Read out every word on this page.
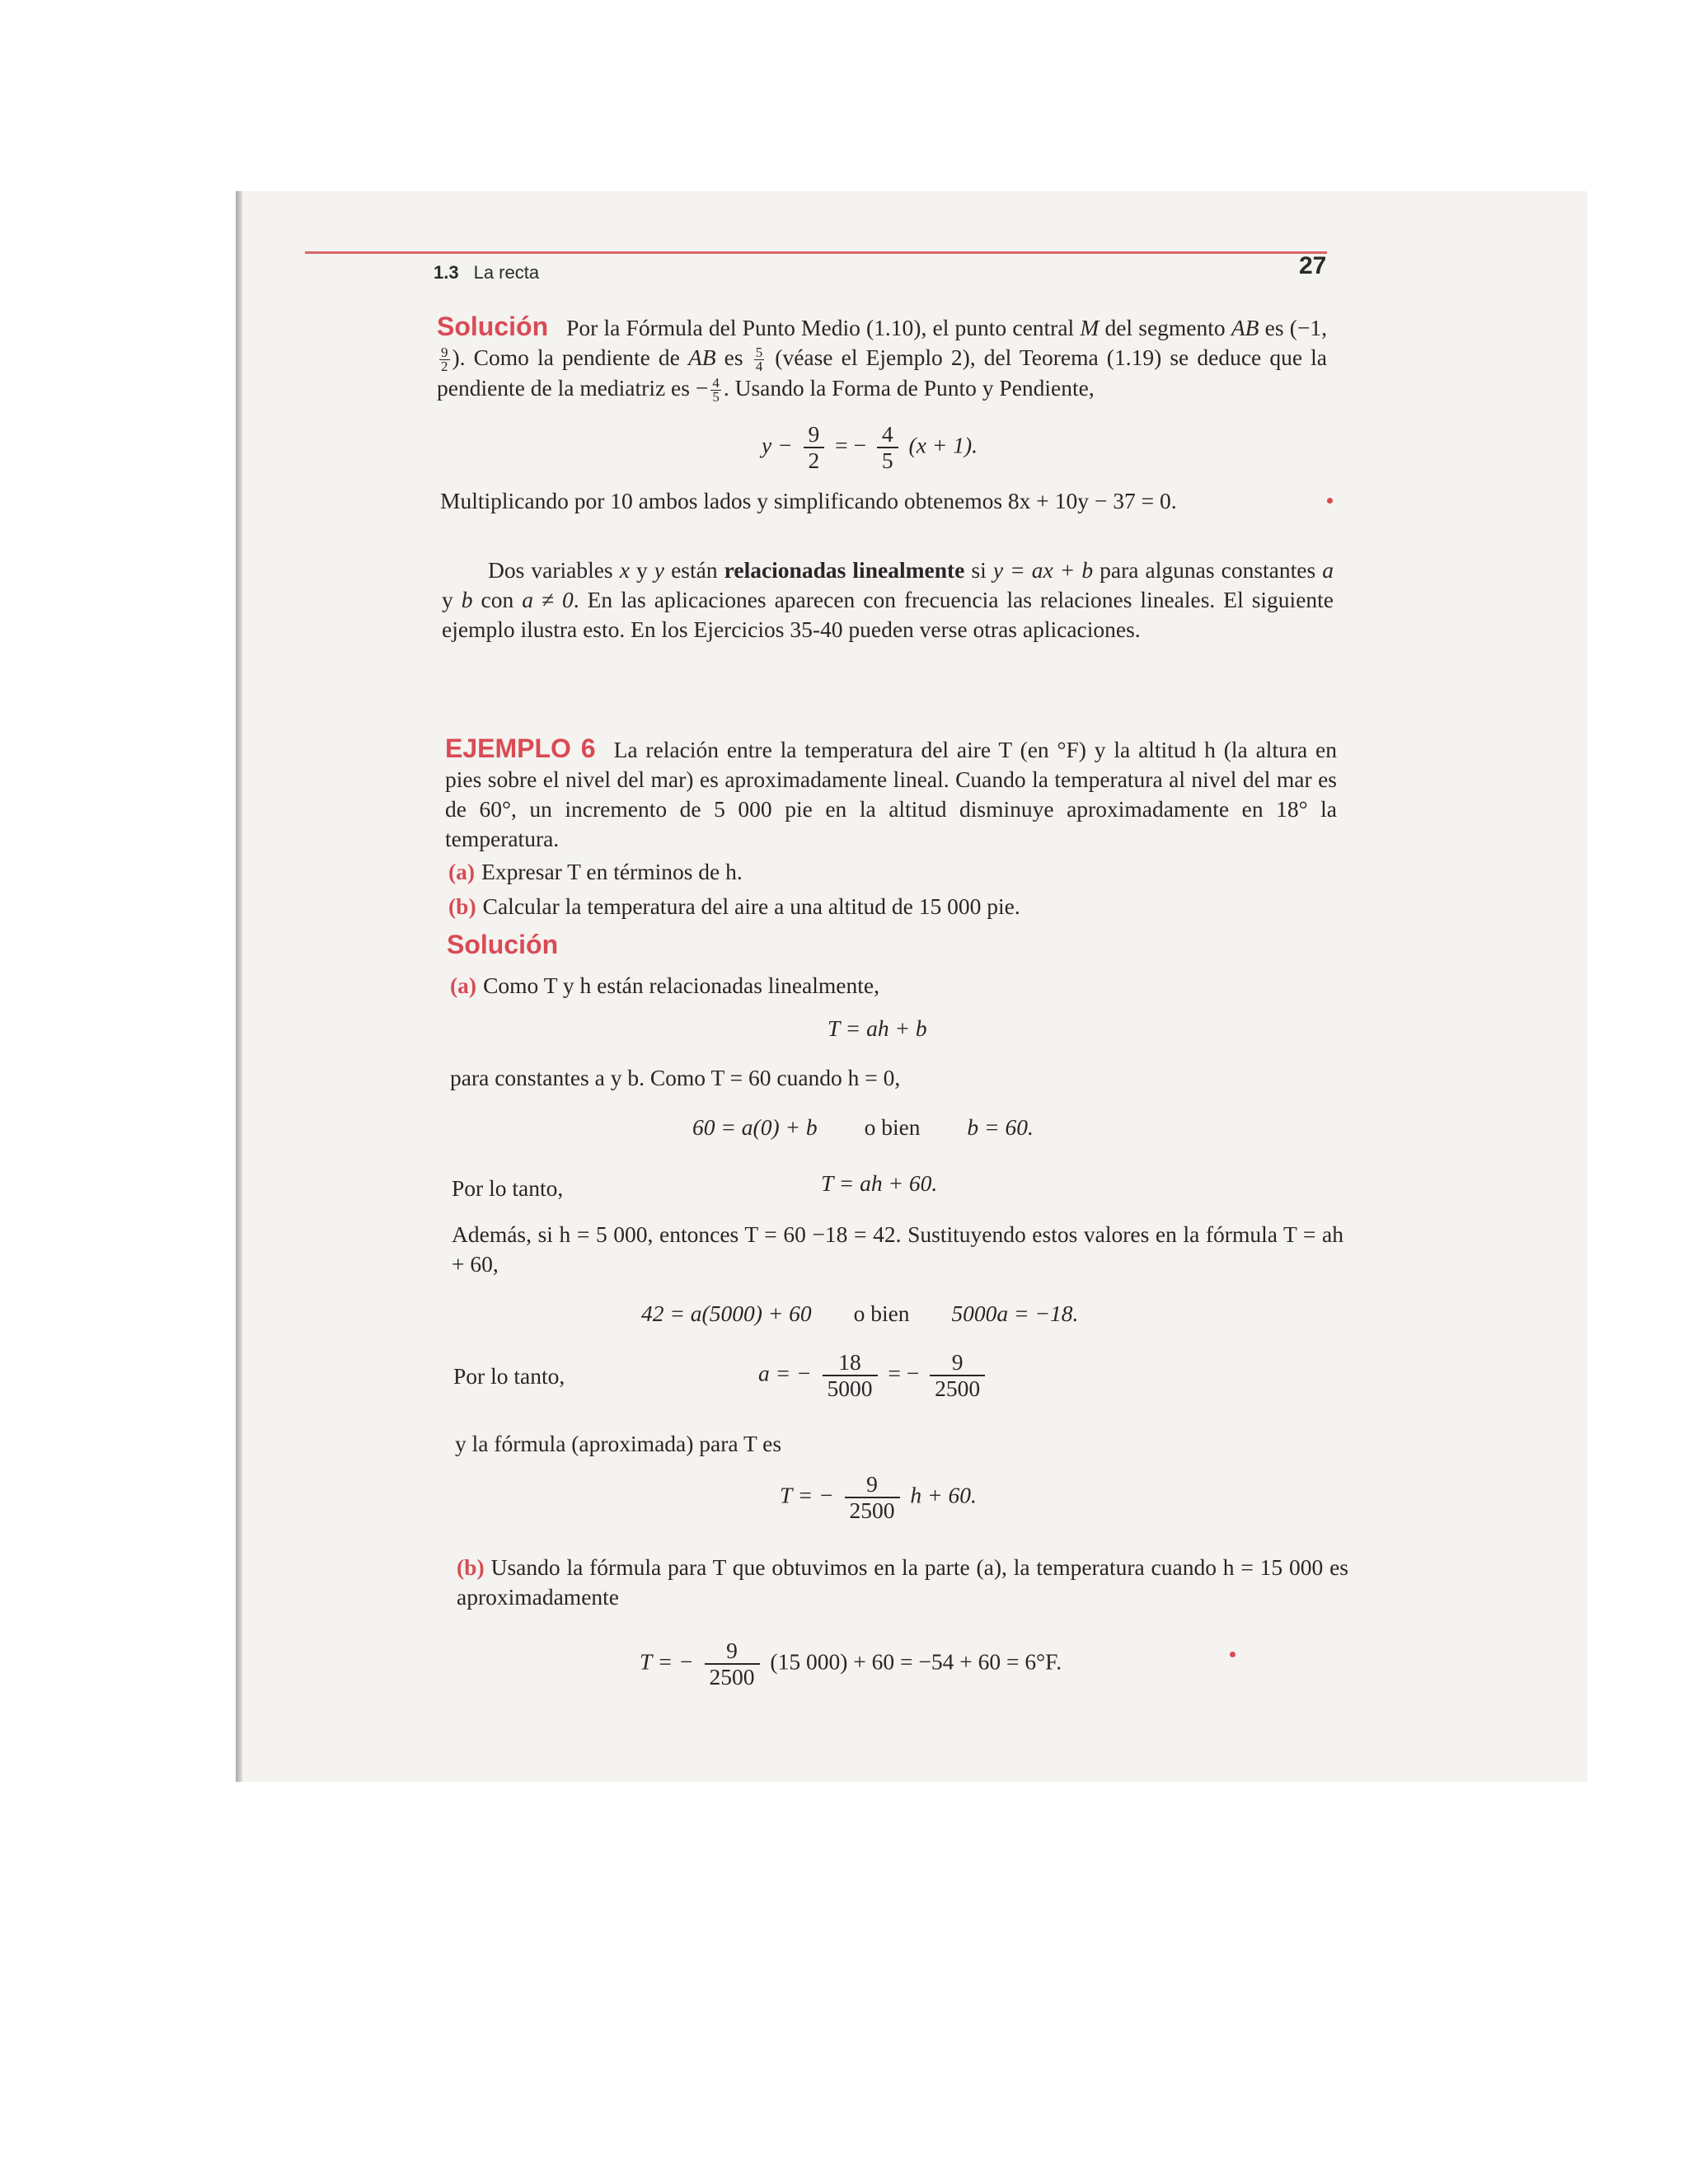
1.3 La recta	27
Solución Por la Fórmula del Punto Medio (1.10), el punto central M del segmento AB es (−1,
$\frac{9}{2}$ ). Como la pendiente de AB es $\frac{5}{4}$ (véase el Ejemplo 2), del Teorema (1.19) se deduce que la pendiente de la mediatriz es − $\frac{4}{5}$ . Usando la Forma de Punto y Pendiente,
$y - \frac{9}{2}$ = − $\frac{4}{5} (x + 1)$.
Multiplicando por 10 ambos lados y simplificando obtenemos 8x + 10y − 37 = 0.
Dos variables x y y están relacionadas linealmente si y = ax + b para algunas constantes a y b con a ≠ 0. En las aplicaciones aparecen con frecuencia las relaciones lineales. El siguiente ejemplo ilustra esto. En los Ejercicios 35-40 pueden verse otras aplicaciones.
EJEMPLO 6 La relación entre la temperatura del aire T (en °F) y la altitud h (la altura en pies sobre el nivel del mar) es aproximadamente lineal. Cuando la temperatura al nivel del mar es de 60°, un incremento de 5 000 pie en la altitud disminuye aproximadamente en 18° la temperatura.
(a) Expresar T en términos de h.
(b) Calcular la temperatura del aire a una altitud de 15 000 pie.
Solución
(a) Como T y h están relacionadas linealmente,
T = ah + b
para constantes a y b. Como T = 60 cuando h = 0,
60 = a(0) + b o bien b = 60.
Por lo tanto,	T = ah + 60.
Además, si h = 5 000, entonces T = 60 −18 = 42. Sustituyendo estos valores en la fórmula T = ah + 60,
42 = a(5000) + 60 o bien 5000a = −18.
Por lo tanto,	a = − $\frac{18}{5000}$ = − $\frac{9}{2500}$
y la fórmula (aproximada) para T es
T = − $\frac{9}{2500}$ h + 60.
(b) Usando la fórmula para T que obtuvimos en la parte (a), la temperatura cuando h = 15 000 es aproximadamente
T = − $\frac{9}{2500} (15$ 000) + 60 = −54 + 60 = 6°F.
